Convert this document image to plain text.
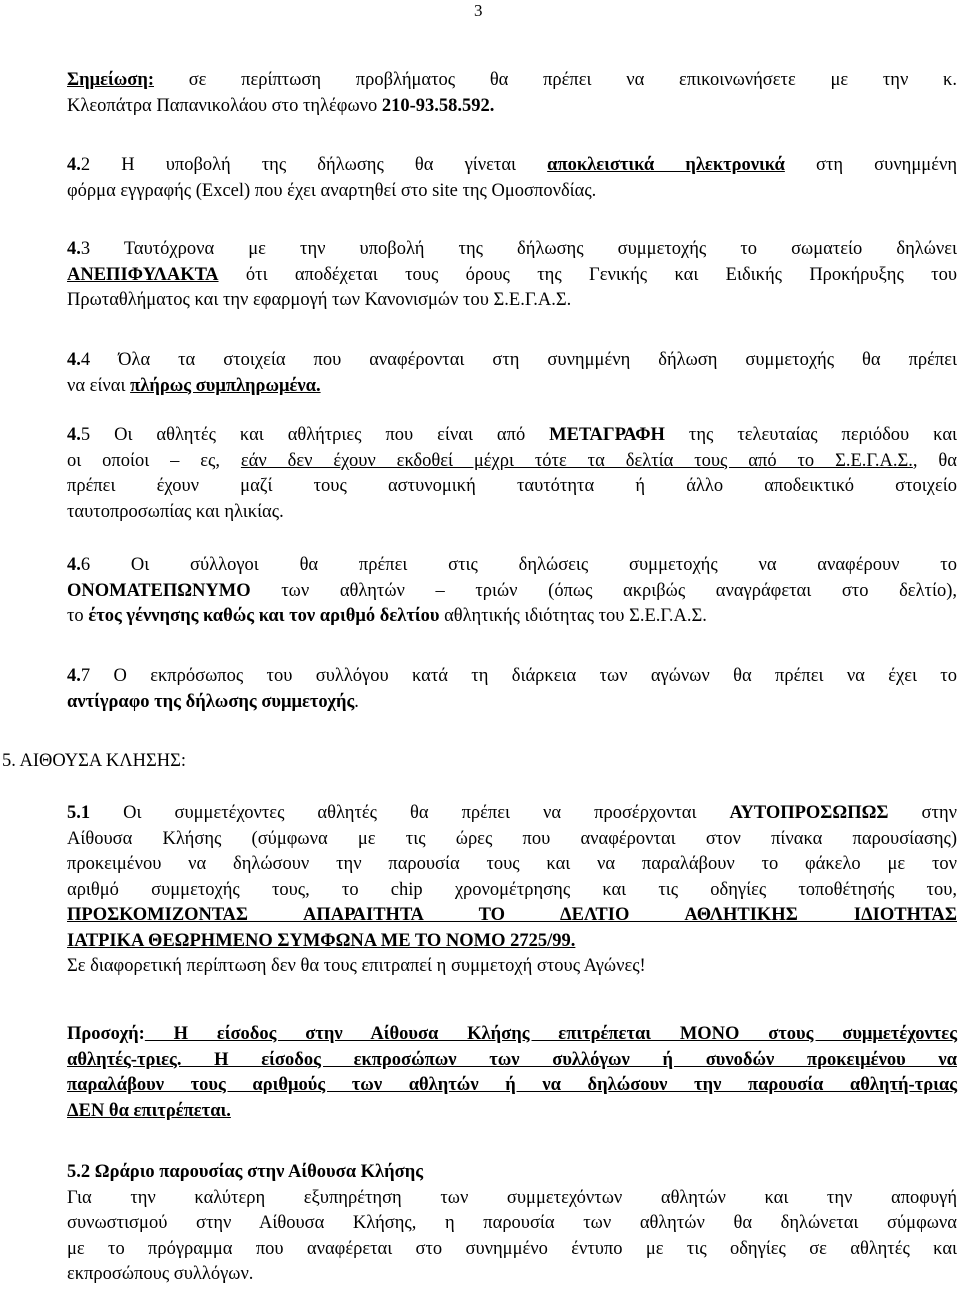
3
Σημείωση: σε περίπτωση προβλήματος θα πρέπει να επικοινωνήσετε με την κ.
Κλεοπάτρα Παπανικολάου στο τηλέφωνο 210-93.58.592.
4.2 Η υποβολή της δήλωσης θα γίνεται αποκλειστικά ηλεκτρονικά στη συνημμένη
φόρμα εγγραφής (Excel) που έχει αναρτηθεί στο site της Ομοσπονδίας.
4.3 Ταυτόχρονα με την υποβολή της δήλωσης συμμετοχής το σωματείο δηλώνει
ΑΝΕΠΙΦΥΛΑΚΤΑ ότι αποδέχεται τους όρους της Γενικής και Ειδικής Προκήρυξης του
Πρωταθλήματος και την εφαρμογή των Κανονισμών του Σ.Ε.Γ.Α.Σ.
4.4 Όλα τα στοιχεία που αναφέρονται στη συνημμένη δήλωση συμμετοχής θα πρέπει
να είναι πλήρως συμπληρωμένα.
4.5 Οι αθλητές και αθλήτριες που είναι από ΜΕΤΑΓΡΑΦΗ της τελευταίας περιόδου και
οι οποίοι – ες, εάν δεν έχουν εκδοθεί μέχρι τότε τα δελτία τους από το Σ.Ε.Γ.Α.Σ., θα
πρέπει έχουν μαζί τους αστυνομική ταυτότητα ή άλλο αποδεικτικό στοιχείο
ταυτοπροσωπίας και ηλικίας.
4.6 Οι σύλλογοι θα πρέπει στις δηλώσεις συμμετοχής να αναφέρουν το
ΟΝΟΜΑΤΕΠΩΝΥΜΟ των αθλητών – τριών (όπως ακριβώς αναγράφεται στο δελτίο),
το έτος γέννησης καθώς και τον αριθμό δελτίου αθλητικής ιδιότητας του Σ.Ε.Γ.Α.Σ.
4.7 Ο εκπρόσωπος του συλλόγου κατά τη διάρκεια των αγώνων θα πρέπει να έχει το
αντίγραφο της δήλωσης συμμετοχής.
5. ΑΙΘΟΥΣΑ ΚΛΗΣΗΣ:
5.1 Οι συμμετέχοντες αθλητές θα πρέπει να προσέρχονται ΑΥΤΟΠΡΟΣΩΠΩΣ στην
Αίθουσα Κλήσης (σύμφωνα με τις ώρες που αναφέρονται στον πίνακα παρουσίασης)
προκειμένου να δηλώσουν την παρουσία τους και να παραλάβουν το φάκελο με τον
αριθμό συμμετοχής τους, το chip χρονομέτρησης και τις οδηγίες τοποθέτησής του,
ΠΡΟΣΚΟΜΙΖΟΝΤΑΣ ΑΠΑΡΑΙΤΗΤΑ ΤΟ ΔΕΛΤΙΟ ΑΘΛΗΤΙΚΗΣ ΙΔΙΟΤΗΤΑΣ
ΙΑΤΡΙΚΑ ΘΕΩΡΗΜΕΝΟ ΣΥΜΦΩΝΑ ΜΕ ΤΟ ΝΟΜΟ 2725/99.
Σε διαφορετική περίπτωση δεν θα τους επιτραπεί η συμμετοχή στους Αγώνες!
Προσοχή: Η είσοδος στην Αίθουσα Κλήσης επιτρέπεται ΜΟΝΟ στους συμμετέχοντες
αθλητές-τριες. Η είσοδος εκπροσώπων των συλλόγων ή συνοδών προκειμένου να
παραλάβουν τους αριθμούς των αθλητών ή να δηλώσουν την παρουσία αθλητή-τριας
ΔΕΝ θα επιτρέπεται.
5.2 Ωράριο παρουσίας στην Αίθουσα Κλήσης
Για την καλύτερη εξυπηρέτηση των συμμετεχόντων αθλητών και την αποφυγή
συνωστισμού στην Αίθουσα Κλήσης, η παρουσία των αθλητών θα δηλώνεται σύμφωνα
με το πρόγραμμα που αναφέρεται στο συνημμένο έντυπο με τις οδηγίες σε αθλητές και
εκπροσώπους συλλόγων.
